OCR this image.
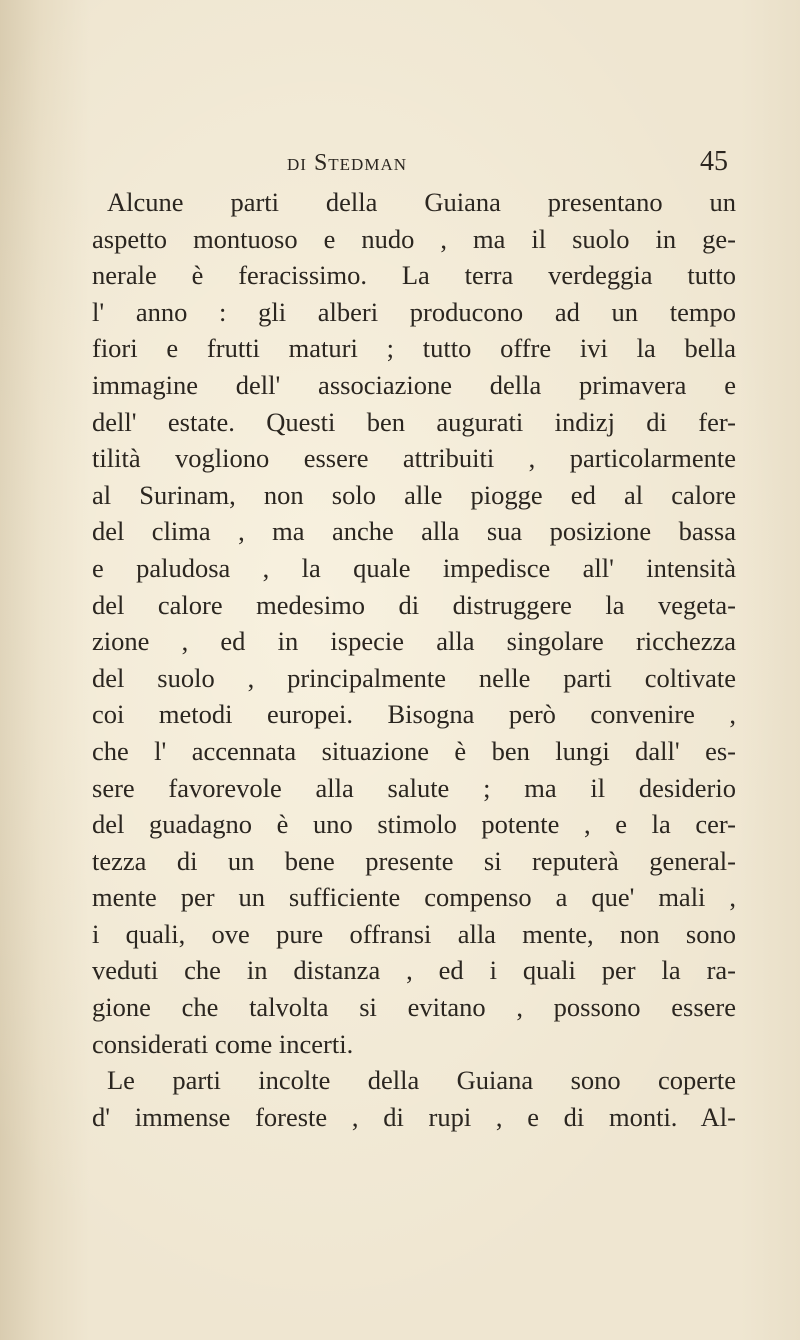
di Stedman	45
Alcune parti della Guiana presentano un
aspetto montuoso e nudo , ma il suolo in ge-
nerale è feracissimo. La terra verdeggia tutto
l' anno : gli alberi producono ad un tempo
fiori e frutti maturi ; tutto offre ivi la bella
immagine dell' associazione della primavera e
dell' estate. Questi ben augurati indizj di fer-
tilità vogliono essere attribuiti , particolarmente
al Surinam, non solo alle piogge ed al calore
del clima , ma anche alla sua posizione bassa
e paludosa , la quale impedisce all' intensità
del calore medesimo di distruggere la vegeta-
zione , ed in ispecie alla singolare ricchezza
del suolo , principalmente nelle parti coltivate
coi metodi europei. Bisogna però convenire ,
che l' accennata situazione è ben lungi dall' es-
sere favorevole alla salute ; ma il desiderio
del guadagno è uno stimolo potente , e la cer-
tezza di un bene presente si reputerà general-
mente per un sufficiente compenso a que' mali ,
i quali, ove pure offransi alla mente, non sono
veduti che in distanza , ed i quali per la ra-
gione che talvolta si evitano , possono essere
considerati come incerti.
Le parti incolte della Guiana sono coperte
d' immense foreste , di rupi , e di monti. Al-
